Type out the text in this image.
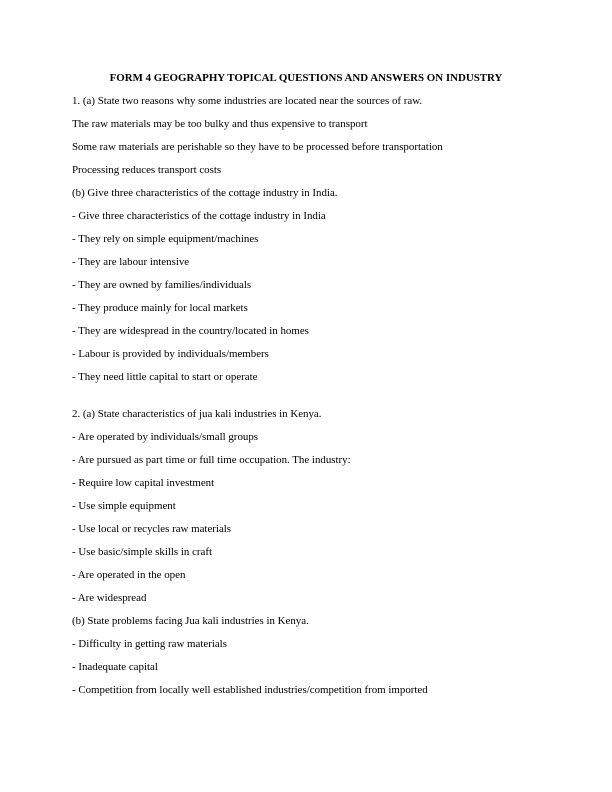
FORM 4 GEOGRAPHY TOPICAL QUESTIONS AND ANSWERS ON INDUSTRY
1. (a) State two reasons why some industries are located near the sources of raw.
The raw materials may be too bulky and thus expensive to transport
Some raw materials are perishable so they have to be processed before transportation
Processing reduces transport costs
(b) Give three characteristics of the cottage industry in India.
- Give three characteristics of the cottage industry in India
- They rely on simple equipment/machines
- They are labour intensive
- They are owned by families/individuals
- They produce mainly for local markets
- They are widespread in the country/located in homes
- Labour is provided by individuals/members
- They need little capital to start or operate
2. (a) State characteristics of jua kali industries in Kenya.
- Are operated by individuals/small groups
- Are pursued as part time or full time occupation. The industry:
- Require low capital investment
- Use simple equipment
- Use local or recycles raw materials
- Use basic/simple skills in craft
- Are operated in the open
- Are widespread
(b) State problems facing Jua kali industries in Kenya.
- Difficulty in getting raw materials
- Inadequate capital
- Competition from locally well established industries/competition from imported
